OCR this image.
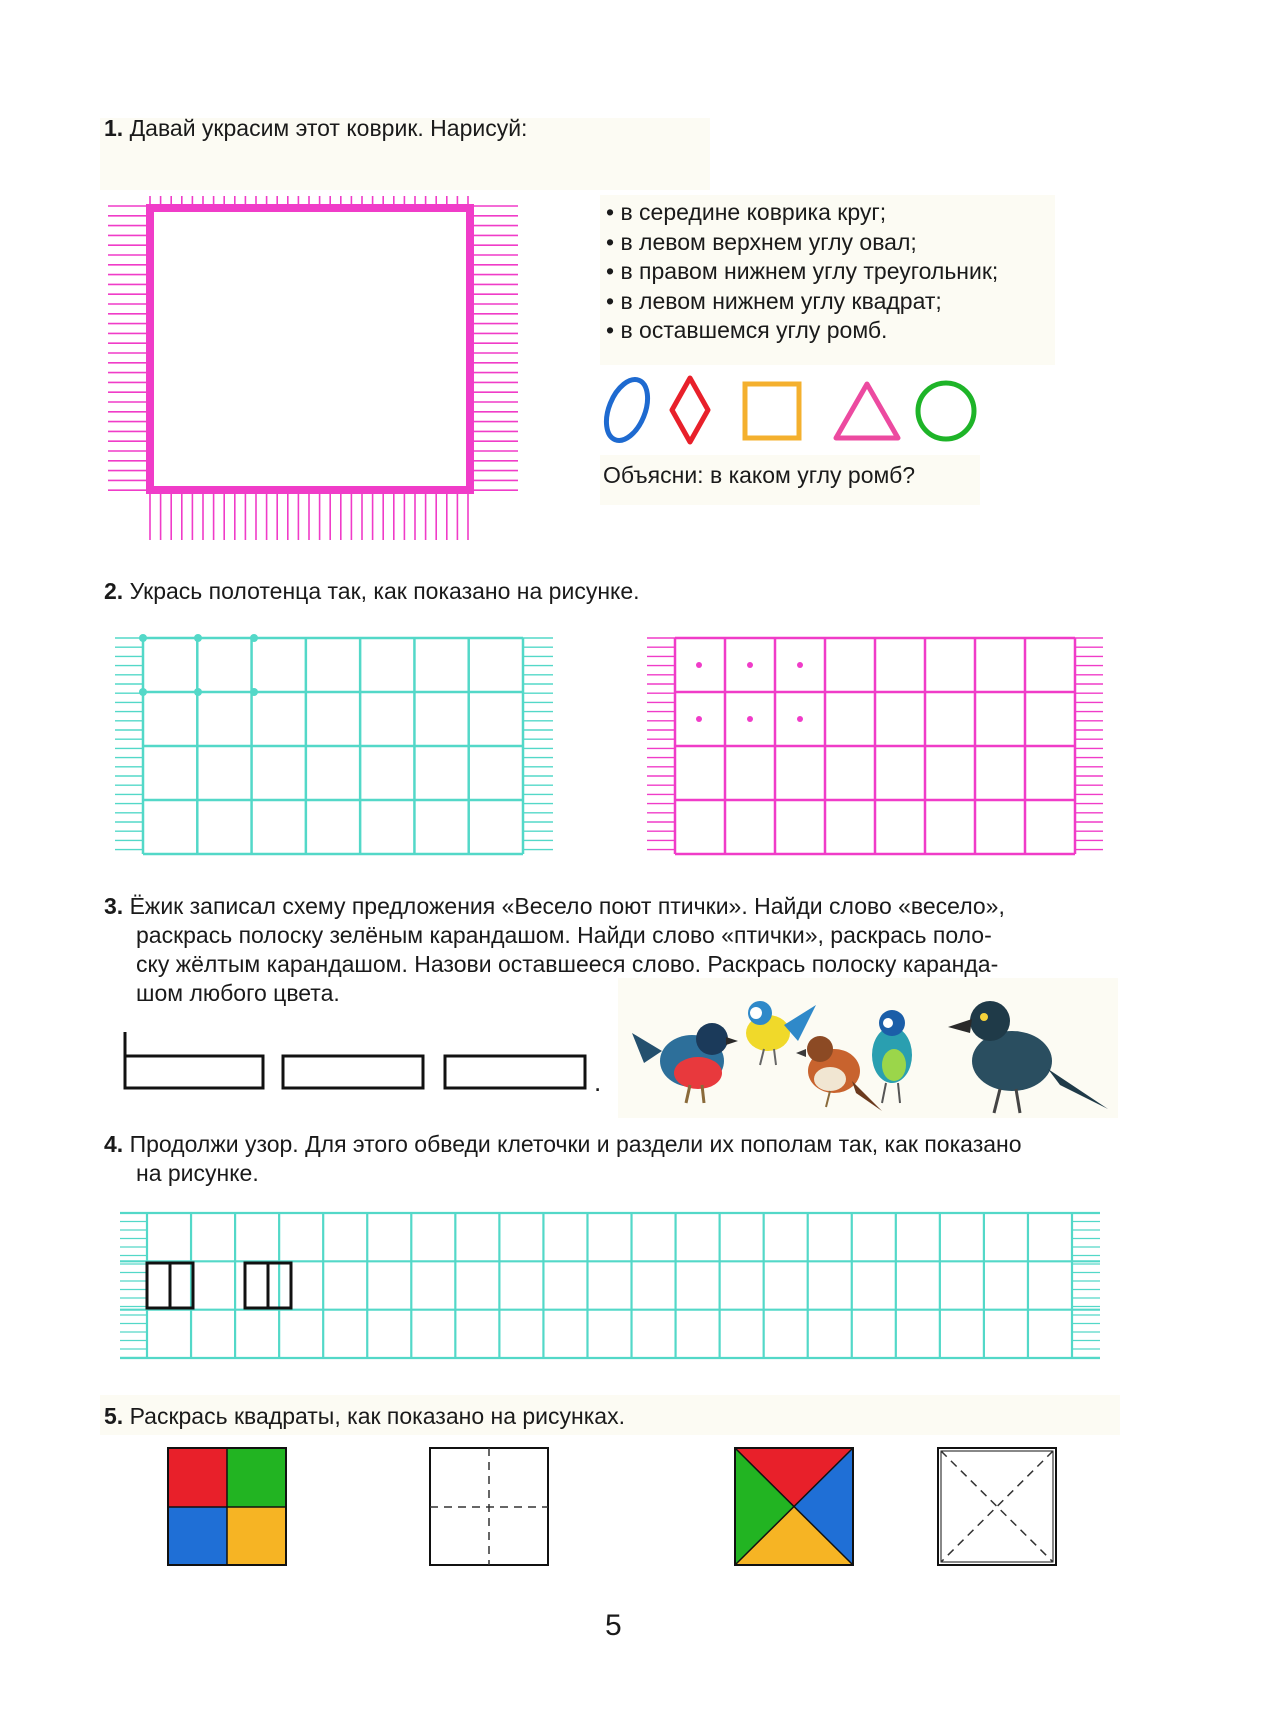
1. Давай украсим этот коврик. Нарисуй:
• в середине коврика круг;
• в левом верхнем углу овал;
• в правом нижнем углу треугольник;
• в левом нижнем углу квадрат;
• в оставшемся углу ромб.
Объясни: в каком углу ромб?
2. Укрась полотенца так, как показано на рисунке.
3. Ёжик записал схему предложения «Весело поют птички». Найди слово «весело»,
раскрась полоску зелёным карандашом. Найди слово «птички», раскрась поло-
ску жёлтым карандашом. Назови оставшееся слово. Раскрась полоску каранда-
шом любого цвета.
.
4. Продолжи узор. Для этого обведи клеточки и раздели их пополам так, как показано
на рисунке.
5. Раскрась квадраты, как показано на рисунках.
5
